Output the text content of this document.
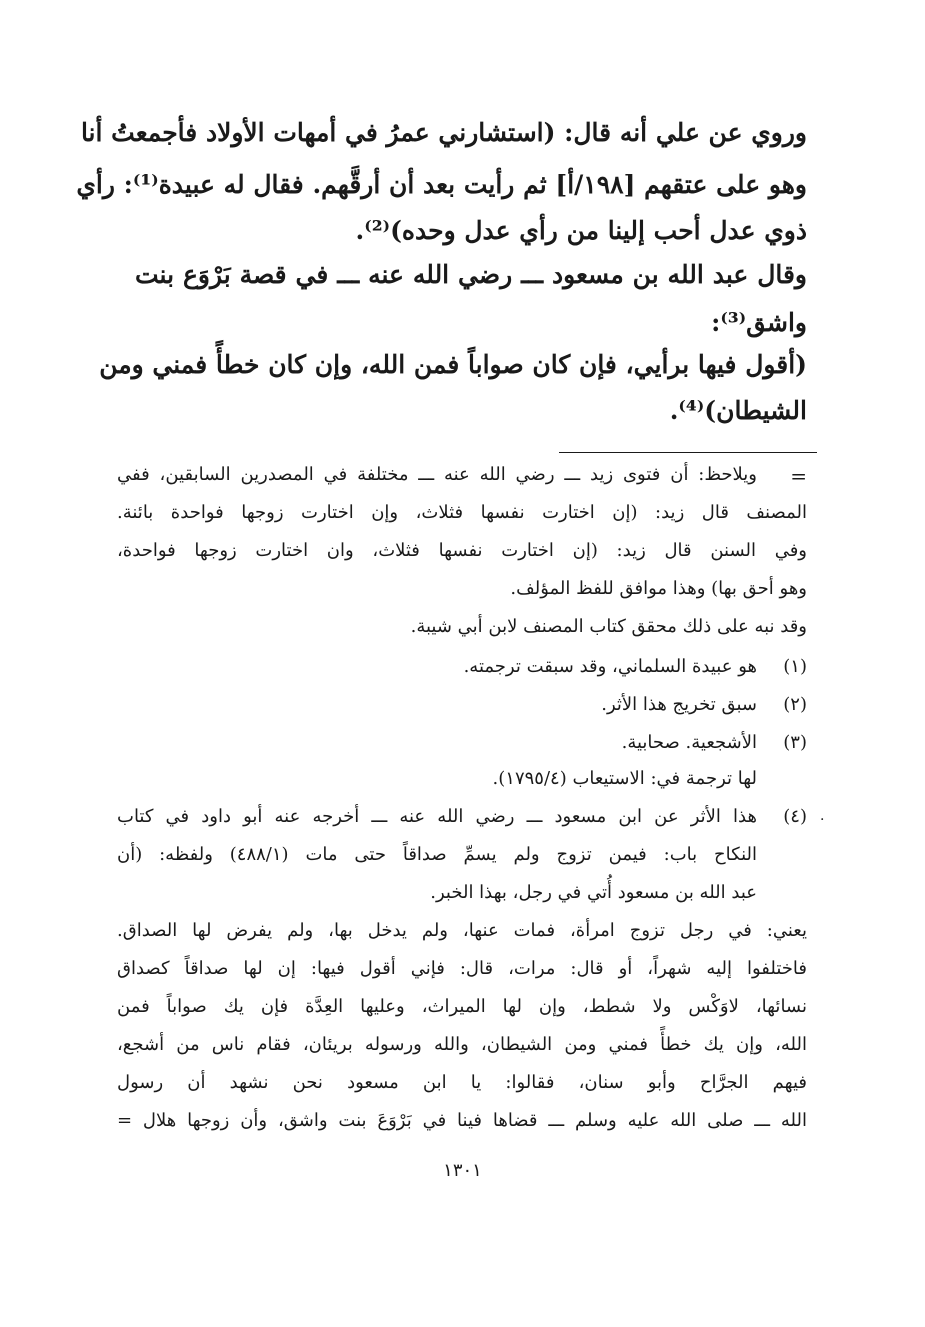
وروي عن علي أنه قال: (استشارني عمرُ في أمهات الأولاد فأجمعتُ أنا
وهو على عتقهم [١٩٨/أ] ثم رأيت بعد أن أرقَّهم. فقال له عبيدة⁽¹⁾: رأي
ذوي عدل أحب إلينا من رأي عدل وحده)⁽²⁾.
وقال عبد الله بن مسعود ـــ رضي الله عنه ـــ في قصة بَرْوَع بنت
واشق⁽³⁾:
(أقول فيها برأيي، فإن كان صواباً فمن الله، وإن كان خطأً فمني ومن
الشيطان)⁽⁴⁾.
=
ويلاحظ: أن فتوى زيد ـــ رضي الله عنه ـــ مختلفة في المصدرين السابقين، ففي
المصنف قال زيد: (إن اختارت نفسها فثلاث، وإن اختارت زوجها فواحدة بائنة.
وفي السنن قال زيد: (إن اختارت نفسها فثلاث، وان اختارت زوجها فواحدة،
وهو أحق بها) وهذا موافق للفظ المؤلف.
وقد نبه على ذلك محقق كتاب المصنف لابن أبي شيبة.
(١)
هو عبيدة السلماني، وقد سبقت ترجمته.
(٢)
سبق تخريج هذا الأثر.
(٣)
الأشجعية. صحابية.
لها ترجمة في: الاستيعاب (١٧٩٥/٤).
·
(٤)
هذا الأثر عن ابن مسعود ـــ رضي الله عنه ـــ أخرجه عنه أبو داود في كتاب
النكاح باب: فيمن تزوج ولم يسمِّ صداقاً حتى مات (٤٨٨/١) ولفظه: (أن
عبد الله بن مسعود أُتي في رجل، بهذا الخبر.
يعني: في رجل تزوج امرأة، فمات عنها، ولم يدخل بها، ولم يفرض لها الصداق.
فاختلفوا إليه شهراً، أو قال: مرات، قال: فإني أقول فيها: إن لها صداقاً كصداق
نسائها، لاوَكْس ولا شطط، وإن لها الميراث، وعليها العِدَّة فإن يك صواباً فمن
الله، وإن يك خطأً فمني ومن الشيطان، والله ورسوله بريئان، فقام ناس من أشجع،
فيهم الجرَّاح وأبو سنان، فقالوا: يا ابن مسعود نحن نشهد أن رسول
الله ـــ صلى الله عليه وسلم ـــ قضاها فينا في بَرْوَعَ بنت واشق، وأن زوجها هلال =
١٣٠١
